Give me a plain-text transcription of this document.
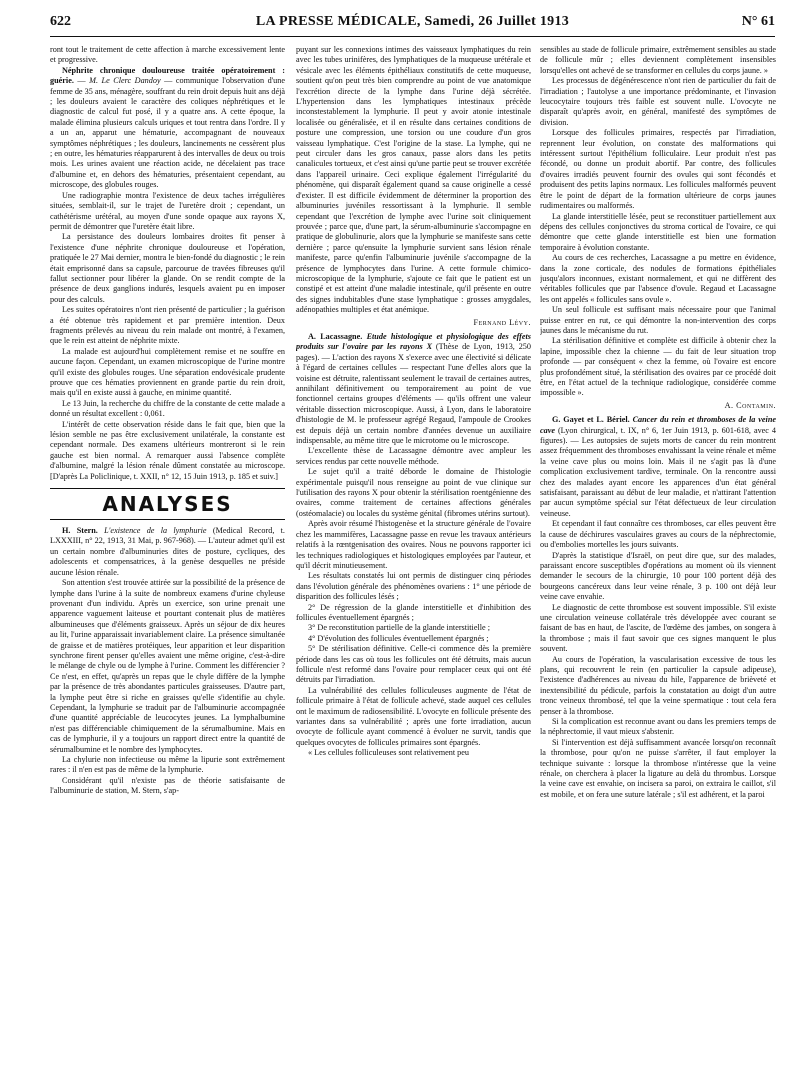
622	LA PRESSE MÉDICALE, Samedi, 26 Juillet 1913	N° 61

ront tout le traitement de cette affection à marche excessivement lente et progressive.

Néphrite chronique douloureuse traitée opératoirement : guérie. — M. Le Clerc Dandoy — communique l'observation d'une femme de 35 ans, ménagère, souffrant du rein droit depuis huit ans déjà ; les douleurs avaient le caractère des coliques néphrétiques et le diagnostic de calcul fut posé, il y a quatre ans. A cette époque, la malade élimina plusieurs calculs uriques et tout rentra dans l'ordre. Il y a un an, apparut une hématurie, accompagnant de nouveaux symptômes néphrétiques ; les douleurs, lancinements ne cessèrent plus ; en outre, les hématuries réapparurent à des intervalles de deux ou trois mois. Les urines avaient une réaction acide, ne décelaient pas trace d'albumine et, en dehors des hématuries, présentaient cependant, au microscope, des globules rouges.

Une radiographie montra l'existence de deux taches irrégulières situées, semblait-il, sur le trajet de l'uretère droit ; cependant, un cathétérisme urétéral, au moyen d'une sonde opaque aux rayons X, permit de démontrer que l'uretère était libre.

La persistance des douleurs lombaires droites fit penser à l'existence d'une néphrite chronique douloureuse et l'opération, pratiquée le 27 Mai dernier, montra le bien-fondé du diagnostic ; le rein était emprisonné dans sa capsule, parcourue de travées fibreuses qu'il fallut sectionner pour libérer la glande. On se rendit compte de la présence de deux ganglions indurés, lesquels avaient pu en imposer pour des calculs.

Les suites opératoires n'ont rien présenté de particulier ; la guérison a été obtenue très rapidement et par première intention. Deux fragments prélevés au niveau du rein malade ont montré, à l'examen, que le rein est atteint de néphrite mixte.

La malade est aujourd'hui complètement remise et ne souffre en aucune façon. Cependant, un examen microscopique de l'urine montre qu'il existe des globules rouges. Une séparation endovésicale prudente prouve que ces hématies proviennent en grande partie du rein droit, mais qu'il en existe aussi à gauche, en minime quantité.

Le 13 Juin, la recherche du chiffre de la constante de cette malade a donné un résultat excellent : 0,061.

L'intérêt de cette observation réside dans le fait que, bien que la lésion semble ne pas être exclusivement unilatérale, la constante est cependant normale. Des examens ultérieurs montreront si le rein gauche est bien normal. A remarquer aussi l'absence complète d'albumine, malgré la lésion rénale dûment constatée au microscope. [D'après La Policlinique, t. XXII, n° 12, 15 Juin 1913, p. 185 et suiv.]

ANALYSES

H. Stern. L'existence de la lymphurie (Medical Record, t. LXXXIII, n° 22, 1913, 31 Mai, p. 967-968). — L'auteur admet qu'il est un certain nombre d'albuminuries dites de posture, cycliques, des adolescents et compensatrices, à la genèse desquelles ne préside aucune lésion rénale.

Son attention s'est trouvée attirée sur la possibilité de la présence de lymphe dans l'urine à la suite de nombreux examens d'urine chyleuse provenant d'un individu. Après un exercice, son urine prenait une apparence vaguement laiteuse et pourtant contenait plus de matières albumineuses que d'éléments graisseux. Après un séjour de dix heures au lit, l'urine apparaissait invariablement claire. La présence simultanée de graisse et de matières protéiques, leur apparition et leur disparition synchrone firent penser qu'elles avaient une même origine, c'est-à-dire le mélange de chyle ou de lymphe à l'urine. Comment les différencier ? Ce n'est, en effet, qu'après un repas que le chyle diffère de la lymphe par la présence de très abondantes particules graisseuses. D'autre part, la lymphe peut être si riche en graisses qu'elle s'identifie au chyle. Cependant, la lymphurie se traduit par de l'albuminurie accompagnée d'une quantité appréciable de leucocytes jeunes. La lymphalbumine n'est pas différenciable chimiquement de la sérumalbumine. Mais en cas de lymphurie, il y a toujours un rapport direct entre la quantité de sérumalbumine et le nombre des lymphocytes.

La chylurie non infectieuse ou même la lipurie sont extrêmement rares : il n'en est pas de même de la lymphurie.

Considérant qu'il n'existe pas de théorie satisfaisante de l'albuminurie de station, M. Stern, s'ap-

puyant sur les connexions intimes des vaisseaux lymphatiques du rein avec les tubes urinifères, des lymphatiques de la muqueuse urétérale et vésicale avec les éléments épithéliaux constitutifs de cette muqueuse, soutient qu'on peut très bien comprendre au point de vue anatomique l'excrétion directe de la lymphe dans l'urine déjà sécrétée. L'hypertension dans les lymphatiques intestinaux précède inconstestablement la lymphurie. Il peut y avoir atonie intestinale localisée ou généralisée, et il en résulte dans certaines conditions de posture une compression, une torsion ou une coudure d'un gros vaisseau lymphatique. C'est l'origine de la stase. La lymphe, qui ne peut circuler dans les gros canaux, passe alors dans les petits canalicules tortueux, et c'est ainsi qu'une partie peut se trouver excrétée dans l'appareil urinaire. Ceci explique également l'irrégularité du phénomène, qui disparaît également quand sa cause originelle a cessé d'exister. Il est difficile évidemment de déterminer la proportion des albuminuries juvéniles ressortissant à la lymphurie. Il semble cependant que l'excrétion de lymphe avec l'urine soit cliniquement prouvée ; parce que, d'une part, la sérum-albuminurie s'accompagne en pratique de globulinurie, alors que la lymphurie se manifeste sans cette dernière ; parce qu'ensuite la lymphurie survient sans lésion rénale manifeste, parce qu'enfin l'albuminurie juvénile s'accompagne de la présence de lymphocytes dans l'urine. A cette formule chimico-microscopique de la lymphurie, s'ajoute ce fait que le patient est un constipé et est atteint d'une maladie intestinale, qu'il présente en outre des signes indubitables d'une stase lymphatique : grosses amygdales, adénopathies multiples et état anémique.

Fernand Lévy.

A. Lacassagne. Etude histologique et physiologique des effets produits sur l'ovaire par les rayons X (Thèse de Lyon, 1913, 250 pages). — L'action des rayons X s'exerce avec une électivité si délicate à l'égard de certaines cellules — respectant l'une d'elles alors que la voisine est détruite, ralentissant seulement le travail de certaines autres, annihilant définitivement ou temporairement au point de vue fonctionnel certains groupes d'éléments — qu'ils offrent une valeur véritable dissection microscopique. Aussi, à Lyon, dans le laboratoire d'histologie de M. le professeur agrégé Regaud, l'ampoule de Crookes est depuis déjà un certain nombre d'années devenue un auxiliaire indispensable, au même titre que le microtome ou le microscope.

L'excellente thèse de Lacassagne démontre avec ampleur les services rendus par cette nouvelle méthode.

Le sujet qu'il a traité déborde le domaine de l'histologie expérimentale puisqu'il nous renseigne au point de vue clinique sur l'utilisation des rayons X pour obtenir la stérilisation roentgénienne des ovaires, comme traitement de certaines affections générales (ostéomalacie) ou locales du système génital (fibromes utérins surtout).

Après avoir résumé l'histogenèse et la structure générale de l'ovaire chez les mammifères, Lacassagne passe en revue les travaux antérieurs relatifs à la rœntgenisation des ovaires. Nous ne pouvons rapporter ici les techniques radiologiques et histologiques employées par l'auteur, et qu'il décrit minutieusement.

Les résultats constatés lui ont permis de distinguer cinq périodes dans l'évolution générale des phénomènes ovariens : 1° une période de disparition des follicules lésés ;

2° De régression de la glande interstitielle et d'inhibition des follicules éventuellement épargnés ;

3° De reconstitution partielle de la glande interstitielle ;

4° D'évolution des follicules éventuellement épargnés ;

5° De stérilisation définitive. Celle-ci commence dès la première période dans les cas où tous les follicules ont été détruits, mais aucun follicule n'est reformé dans l'ovaire pour remplacer ceux qui ont été détruits par l'irradiation.

La vulnérabilité des cellules folliculeuses augmente de l'état de follicule primaire à l'état de follicule achevé, stade auquel ces cellules ont le maximum de radiosensibilité. L'ovocyte en follicule présente des variantes dans sa vulnérabilité ; après une forte irradiation, aucun ovocyte de follicule ayant commencé à évoluer ne survit, tandis que quelques ovocytes de follicules primaires sont épargnés.

« Les cellules folliculeuses sont relativement peu

sensibles au stade de follicule primaire, extrêmement sensibles au stade de follicule mûr ; elles deviennent complètement insensibles lorsqu'elles ont achevé de se transformer en cellules du corps jaune. »

Les processus de dégénérescence n'ont rien de particulier du fait de l'irradiation ; l'autolyse a une importance prédominante, et l'invasion leucocytaire toujours très faible est souvent nulle. L'ovocyte ne disparaît qu'après avoir, en général, manifesté des symptômes de division.

Lorsque des follicules primaires, respectés par l'irradiation, reprennent leur évolution, on constate des malformations qui intéressent surtout l'épithélium folliculaire. Leur produit n'est pas fécondé, ou donne un produit abortif. Par contre, des follicules d'ovaires irradiés peuvent fournir des ovules qui sont fécondés et produisent des petits lapins normaux. Les follicules malformés peuvent être le point de départ de la formation ultérieure de corps jaunes rudimentaires ou malformés.

La glande interstitielle lésée, peut se reconstituer partiellement aux dépens des cellules conjonctives du stroma cortical de l'ovaire, ce qui démontre que cette glande interstitielle est bien une formation temporaire à évolution constante.

Au cours de ces recherches, Lacassagne a pu mettre en évidence, dans la zone corticale, des nodules de formations épithéliales jusqu'alors inconnues, existant normalement, et qui ne diffèrent des véritables follicules que par l'absence d'ovule. Regaud et Lacassagne les ont appelés « follicules sans ovule ».

Un seul follicule est suffisant mais nécessaire pour que l'animal puisse entrer en rut, ce qui démontre la non-intervention des corps jaunes dans le mécanisme du rut.

La stérilisation définitive et complète est difficile à obtenir chez la lapine, impossible chez la chienne — du fait de leur situation trop profonde — par conséquent « chez la femme, où l'ovaire est encore plus profondément situé, la stérilisation des ovaires par ce procédé doit être, en l'état actuel de la technique radiologique, considérée comme impossible ».

A. Contamin.

G. Gayet et L. Bériel. Cancer du rein et thromboses de la veine cave (Lyon chirurgical, t. IX, n° 6, 1er Juin 1913, p. 601-618, avec 4 figures). — Les autopsies de sujets morts de cancer du rein montrent assez fréquemment des thromboses envahissant la veine rénale et même la veine cave plus ou moins loin. Mais il ne s'agit pas là d'une complication exclusivement tardive, terminale. On la rencontre aussi chez des malades ayant encore les apparences d'un état général satisfaisant, paraissant au début de leur maladie, et n'attirant l'attention par aucun symptôme spécial sur l'état défectueux de leur circulation veineuse.

Et cependant il faut connaître ces thromboses, car elles peuvent être la cause de déchirures vasculaires graves au cours de la néphrectomie, ou d'embolies mortelles les jours suivants.

D'après la statistique d'Israël, on peut dire que, sur des malades, paraissant encore susceptibles d'opérations au moment où ils viennent demander le secours de la chirurgie, 10 pour 100 portent déjà des bourgeons cancéreux dans leur veine rénale, 3 p. 100 ont déjà leur veine cave envahie.

Le diagnostic de cette thrombose est souvent impossible. S'il existe une circulation veineuse collatérale très développée avec courant se faisant de bas en haut, de l'ascite, de l'œdème des jambes, on songera à la thrombose ; mais il faut savoir que ces signes manquent le plus souvent.

Au cours de l'opération, la vascularisation excessive de tous les plans, qui recouvrent le rein (en particulier la capsule adipeuse), l'existence d'adhérences au niveau du hile, l'apparence de brièveté et inextensibilité du pédicule, parfois la constatation au doigt d'un autre tronc veineux thrombosé, tel que la veine spermatique : tout cela fera penser à la thrombose.

Si la complication est reconnue avant ou dans les premiers temps de la néphrectomie, il vaut mieux s'abstenir.

Si l'intervention est déjà suffisamment avancée lorsqu'on reconnaît la thrombose, pour qu'on ne puisse s'arrêter, il faut employer la technique suivante : lorsque la thrombose n'intéresse que la veine rénale, on cherchera à placer la ligature au delà du thrombus. Lorsque la veine cave est envahie, on incisera sa paroi, on extraira le caillot, s'il est mobile, et on fera une suture latérale ; s'il est adhérent, et la paroi
